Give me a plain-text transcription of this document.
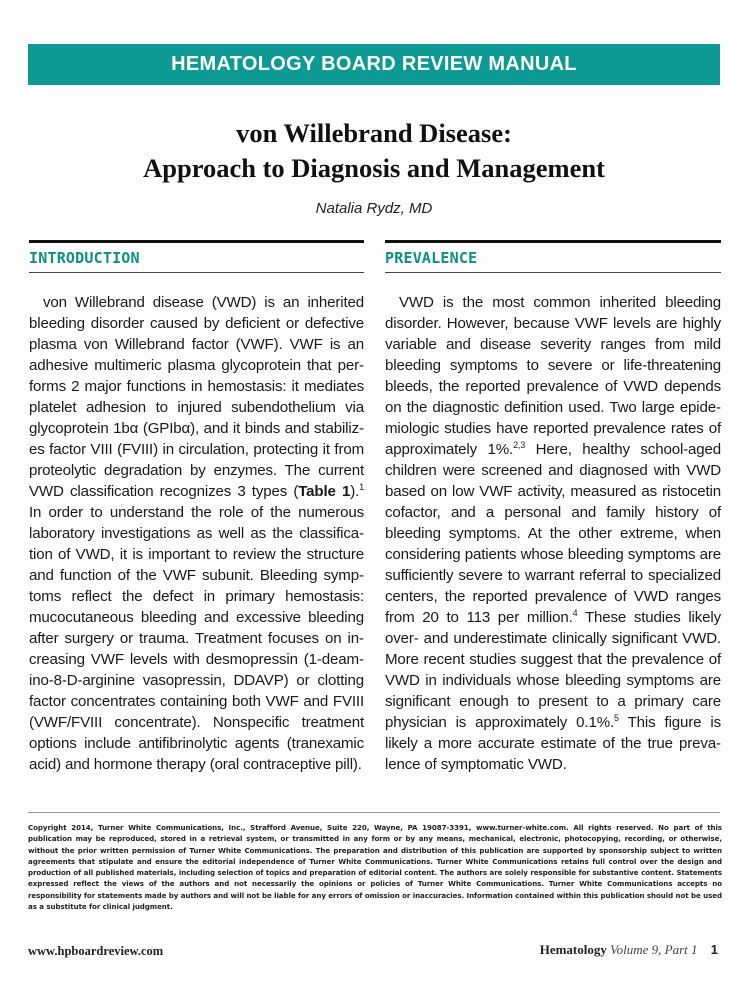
HEMATOLOGY BOARD REVIEW MANUAL
von Willebrand Disease:
Approach to Diagnosis and Management
Natalia Rydz, MD
INTRODUCTION

von Willebrand disease (VWD) is an inherited bleeding disorder caused by deficient or defective plasma von Willebrand factor (VWF). VWF is an adhesive multimeric plasma glycoprotein that performs 2 major functions in hemostasis: it mediates platelet adhesion to injured subendothelium via glycoprotein 1bα (GPIbα), and it binds and stabilizes factor VIII (FVIII) in circulation, protecting it from proteolytic degradation by enzymes. The current VWD classification recognizes 3 types (Table 1).$^1$ In order to understand the role of the numerous laboratory investigations as well as the classification of VWD, it is important to review the structure and function of the VWF subunit. Bleeding symptoms reflect the defect in primary hemostasis: mucocutaneous bleeding and excessive bleeding after surgery or trauma. Treatment focuses on increasing VWF levels with desmopressin (1-deamino-8-D-arginine vasopressin, DDAVP) or clotting factor concentrates containing both VWF and FVIII (VWF/FVIII concentrate). Nonspecific treatment options include antifibrinolytic agents (tranexamic acid) and hormone therapy (oral contraceptive pill).

PREVALENCE

VWD is the most common inherited bleeding disorder. However, because VWF levels are highly variable and disease severity ranges from mild bleeding symptoms to severe or life-threatening bleeds, the reported prevalence of VWD depends on the diagnostic definition used. Two large epidemiologic studies have reported prevalence rates of approximately 1%.$^{2,3}$ Here, healthy school-aged children were screened and diagnosed with VWD based on low VWF activity, measured as ristocetin cofactor, and a personal and family history of bleeding symptoms. At the other extreme, when considering patients whose bleeding symptoms are sufficiently severe to warrant referral to specialized centers, the reported prevalence of VWD ranges from 20 to 113 per million.$^4$ These studies likely over- and underestimate clinically significant VWD. More recent studies suggest that the prevalence of VWD in individuals whose bleeding symptoms are significant enough to present to a primary care physician is approximately 0.1%.$^5$ This figure is likely a more accurate estimate of the true prevalence of symptomatic VWD.

Copyright 2014, Turner White Communications, Inc., Strafford Avenue, Suite 220, Wayne, PA 19087-3391, www.turner-white.com. All rights reserved. No part of this publication may be reproduced, stored in a retrieval system, or transmitted in any form or by any means, mechanical, electronic, photocopying, recording, or otherwise, without the prior written permission of Turner White Communications. The preparation and distribution of this publication are supported by sponsorship subject to written agreements that stipulate and ensure the editorial independence of Turner White Communications. Turner White Communications retains full control over the design and production of all published materials, including selection of topics and preparation of editorial content. The authors are solely responsible for substantive content. Statements expressed reflect the views of the authors and not necessarily the opinions or policies of Turner White Communications. Turner White Communications accepts no responsibility for statements made by authors and will not be liable for any errors of omission or inaccuracies. Information contained within this publication should not be used as a substitute for clinical judgment.

www.hpboardreview.com	Hematology Volume 9, Part 1 1
